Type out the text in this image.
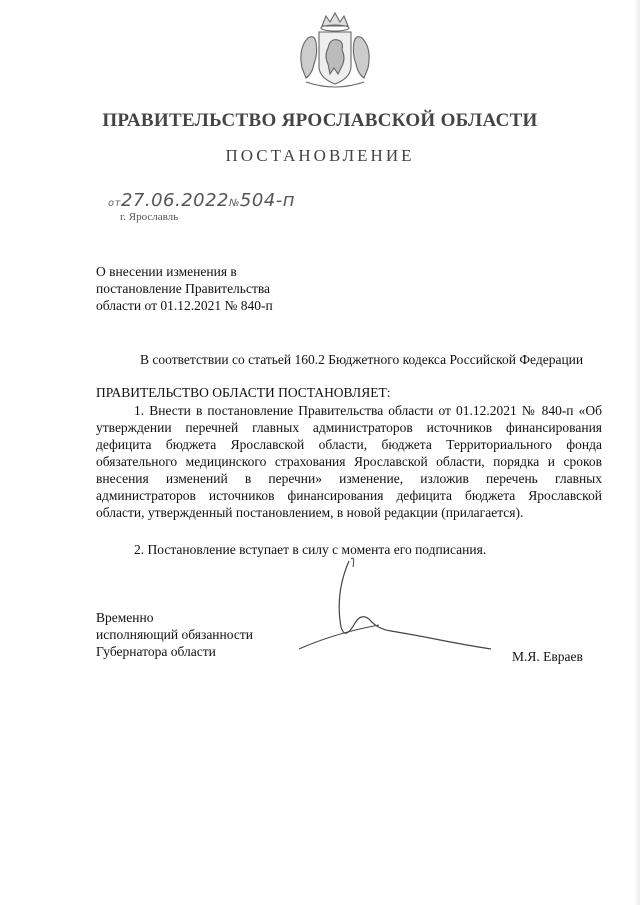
ПРАВИТЕЛЬСТВО ЯРОСЛАВСКОЙ ОБЛАСТИ
ПОСТАНОВЛЕНИЕ
от27.06.2022№504-п
г. Ярославль
О внесении изменения в
постановление Правительства
области от 01.12.2021 № 840-п
В соответствии со статьей 160.2 Бюджетного кодекса Российской Федерации
ПРАВИТЕЛЬСТВО ОБЛАСТИ ПОСТАНОВЛЯЕТ:
1. Внести в постановление Правительства области от 01.12.2021 № 840-п «Об утверждении перечней главных администраторов источников финансирования дефицита бюджета Ярославской области, бюджета Территориального фонда обязательного медицинского страхования Ярославской области, порядка и сроков внесения изменений в перечни» изменение, изложив перечень главных администраторов источников финансирования дефицита бюджета Ярославской области, утвержденный постановлением, в новой редакции (прилагается).
2. Постановление вступает в силу с момента его подписания.
Временно
исполняющий обязанности
Губернатора области	М.Я. Евраев
